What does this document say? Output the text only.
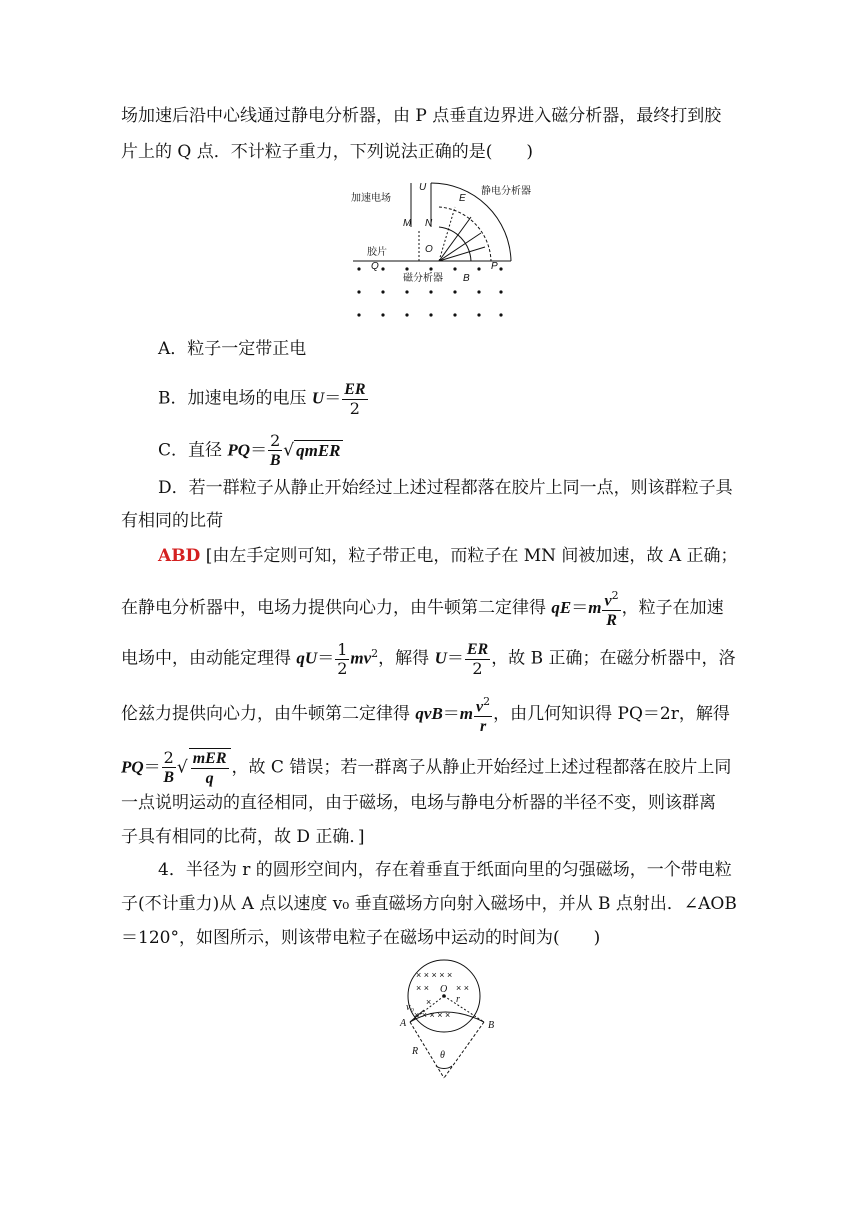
场加速后沿中心线通过静电分析器，由 P 点垂直边界进入磁分析器，最终打到胶
片上的 Q 点．不计粒子重力，下列说法正确的是(　　)
加速电场
静电分析器
胶片
磁分析器
U
E
M N
O
Q	P
B
A．粒子一定带正电
B．加速电场的电压 $U= \frac{ER}{2}$
C．直径 $PQ= \frac{2}{B}$ √ qmER
D．若一群粒子从静止开始经过上述过程都落在胶片上同一点，则该群粒子具
有相同的比荷
ABD [由左手定则可知，粒子带正电，而粒子在 MN 间被加速，故 A 正确；
在静电分析器中，电场力提供向心力，由牛顿第二定律得 $qE=m \frac{v^2}{R}$ ，粒子在加速
电场中，由动能定理得 $qU= \frac{1}{2} mv^2$，解得 $U= \frac{ER}{2}$ ，故 B 正确；在磁分析器中，洛
伦兹力提供向心力，由牛顿第二定律得 $qvB=m \frac{v^2}{r}$ ，由几何知识得 PQ＝2r，解得
$PQ= \frac{2}{B}$ √ $\frac{\text{mER}}{q}$ ，故 C 错误；若一群离子从静止开始经过上述过程都落在胶片上同
一点说明运动的直径相同，由于磁场，电场与静电分析器的半径不变，则该群离
子具有相同的比荷，故 D 正确．]
4．半径为 r 的圆形空间内，存在着垂直于纸面向里的匀强磁场，一个带电粒
子(不计重力)从 A 点以速度 v₀ 垂直磁场方向射入磁场中，并从 B 点射出．∠AOB
＝120°，如图所示，则该带电粒子在磁场中运动的时间为(　　)
× × × × ×
× ×	× ×
×
× × × × ×
O
A	B
R
r
v₀
θ
